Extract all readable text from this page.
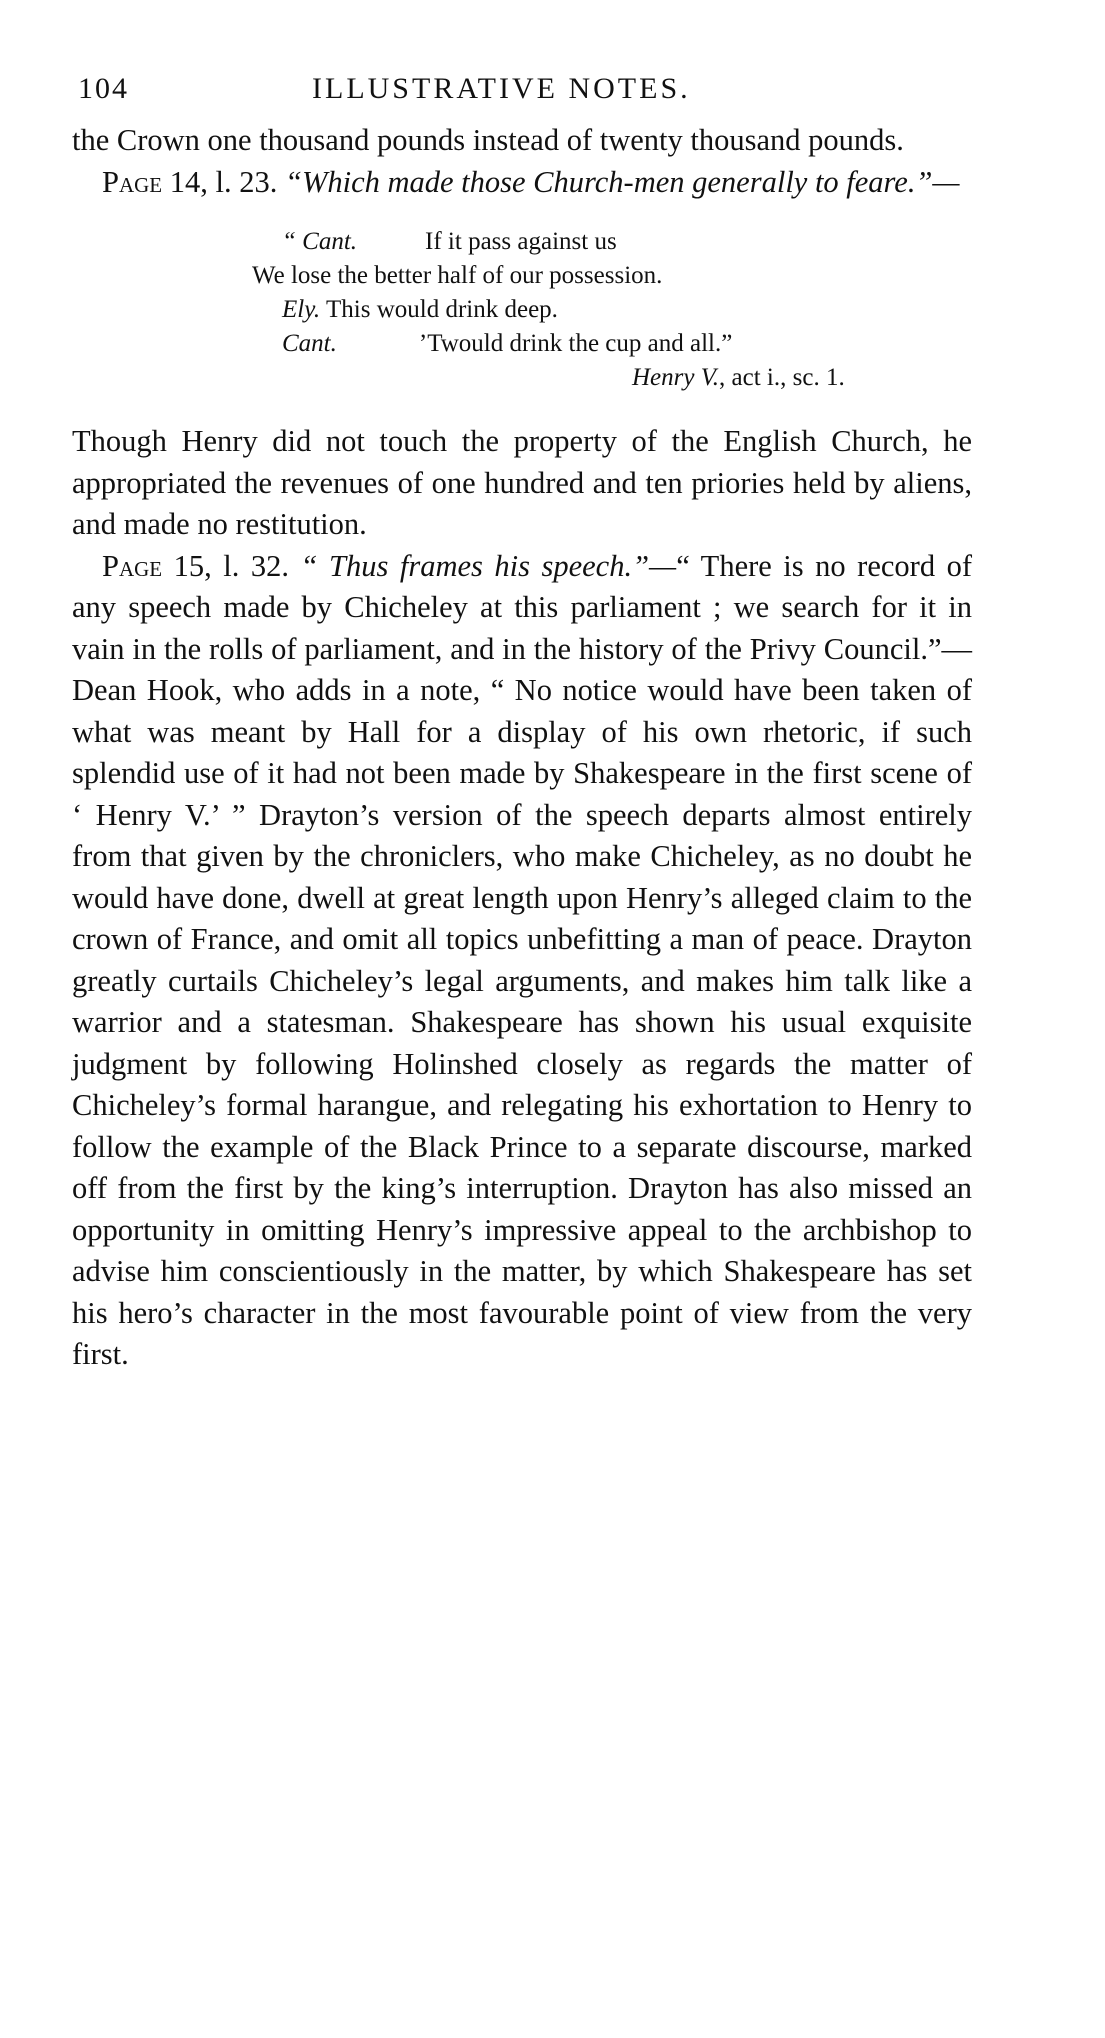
104	ILLUSTRATIVE NOTES.

the Crown one thousand pounds instead of twenty thousand pounds.

Page 14, l. 23. “Which made those Church-men generally to feare.”—

“ Cant.	If it pass against us
We lose the better half of our possession.
Ely. This would drink deep.
Cant.	’Twould drink the cup and all.”
Henry V., act i., sc. 1.

Though Henry did not touch the property of the English Church, he appropriated the revenues of one hundred and ten priories held by aliens, and made no restitution.

Page 15, l. 32. “ Thus frames his speech.”—“ There is no record of any speech made by Chicheley at this parliament ; we search for it in vain in the rolls of parliament, and in the history of the Privy Council.”—Dean Hook, who adds in a note, “ No notice would have been taken of what was meant by Hall for a display of his own rhetoric, if such splendid use of it had not been made by Shakespeare in the first scene of ‘ Henry V.’ ” Drayton’s version of the speech departs almost entirely from that given by the chroniclers, who make Chicheley, as no doubt he would have done, dwell at great length upon Henry’s alleged claim to the crown of France, and omit all topics unbefitting a man of peace. Drayton greatly curtails Chicheley’s legal arguments, and makes him talk like a warrior and a statesman. Shakespeare has shown his usual exquisite judgment by following Holinshed closely as regards the matter of Chicheley’s formal harangue, and relegating his exhortation to Henry to follow the example of the Black Prince to a separate discourse, marked off from the first by the king’s interruption. Drayton has also missed an opportunity in omitting Henry’s impressive appeal to the archbishop to advise him conscientiously in the matter, by which Shakespeare has set his hero’s character in the most favourable point of view from the very first.
